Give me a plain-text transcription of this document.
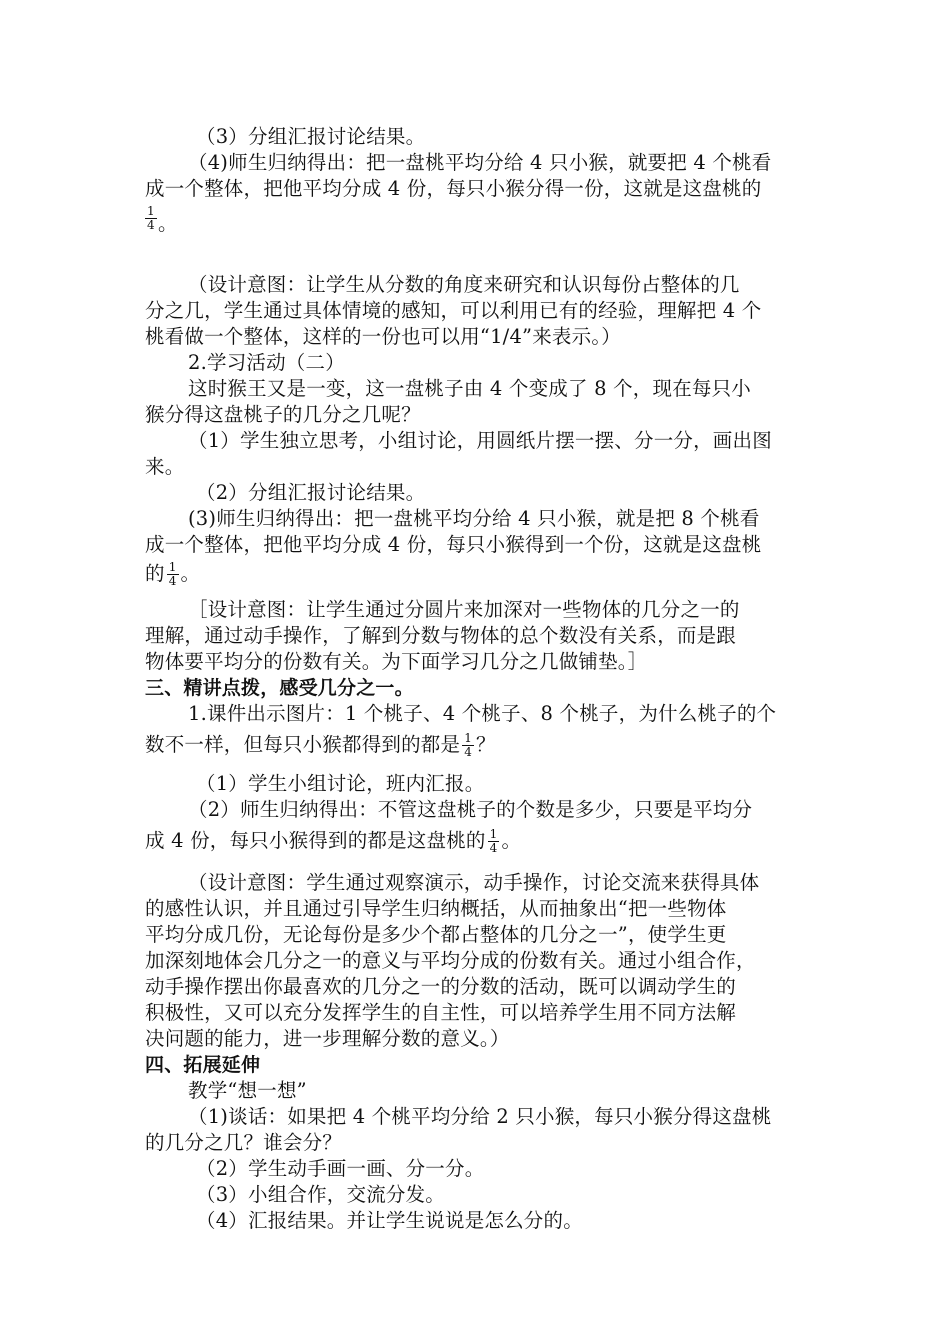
（3）分组汇报讨论结果。
（4)师生归纳得出：把一盘桃平均分给 4 只小猴，就要把 4 个桃看
成一个整体，把他平均分成 4 份，每只小猴分得一份，这就是这盘桃的
$\frac{1}{4}$ 。
（设计意图：让学生从分数的角度来研究和认识每份占整体的几
分之几，学生通过具体情境的感知，可以利用已有的经验，理解把 4 个
桃看做一个整体，这样的一份也可以用“1/4”来表示。）
2.学习活动（二）
这时猴王又是一变，这一盘桃子由 4 个变成了 8 个，现在每只小
猴分得这盘桃子的几分之几呢？
（1）学生独立思考，小组讨论，用圆纸片摆一摆、分一分，画出图
来。
（2）分组汇报讨论结果。
(3)师生归纳得出：把一盘桃平均分给 4 只小猴，就是把 8 个桃看
成一个整体，把他平均分成 4 份，每只小猴得到一个份，这就是这盘桃
的 $\frac{1}{4}$ 。
［设计意图：让学生通过分圆片来加深对一些物体的几分之一的
理解，通过动手操作，了解到分数与物体的总个数没有关系，而是跟
物体要平均分的份数有关。为下面学习几分之几做铺垫。］
三、精讲点拨，感受几分之一。
1.课件出示图片：1 个桃子、4 个桃子、8 个桃子，为什么桃子的个
数不一样，但每只小猴都得到的都是 $\frac{1}{4}$ ？
（1）学生小组讨论，班内汇报。
（2）师生归纳得出：不管这盘桃子的个数是多少，只要是平均分
成 4 份，每只小猴得到的都是这盘桃的 $\frac{1}{4}$ 。
（设计意图：学生通过观察演示，动手操作，讨论交流来获得具体
的感性认识，并且通过引导学生归纳概括，从而抽象出“把一些物体
平均分成几份，无论每份是多少个都占整体的几分之一”，使学生更
加深刻地体会几分之一的意义与平均分成的份数有关。通过小组合作，
动手操作摆出你最喜欢的几分之一的分数的活动，既可以调动学生的
积极性，又可以充分发挥学生的自主性，可以培养学生用不同方法解
决问题的能力，进一步理解分数的意义。）
四、拓展延伸
教学“想一想”
（1)谈话：如果把 4 个桃平均分给 2 只小猴，每只小猴分得这盘桃
的几分之几？谁会分？
（2）学生动手画一画、分一分。
（3）小组合作，交流分发。
（4）汇报结果。并让学生说说是怎么分的。
